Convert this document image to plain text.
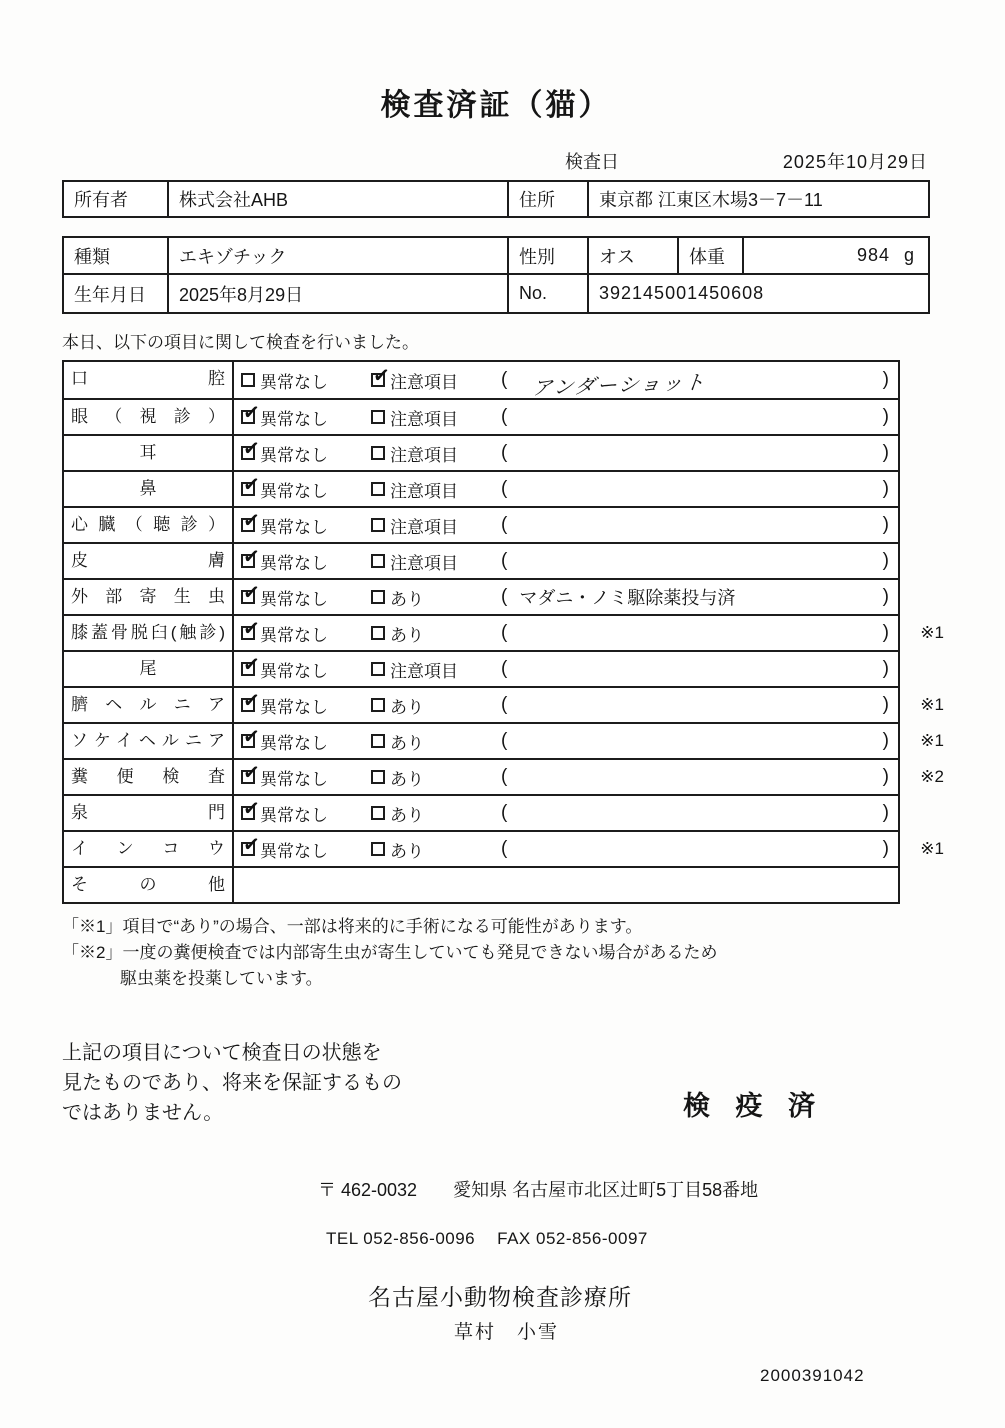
検査済証（猫）
検査日	2025年10月29日
所有者	株式会社AHB	住所	東京都 江東区木場3－7－11
種類	エキゾチック	性別	オス	体重	984 g
生年月日	2025年8月29日	No.	392145001450608

本日、以下の項目に関して検査を行いました。

口腔	異常なし ✓ 注意項目 (	アンダーショット	)
眼（視診） ✓ 異常なし	注意項目 (	)
耳	✓ 異常なし	注意項目 (	)
鼻	✓ 異常なし	注意項目 (	)
心臓（聴診） ✓ 異常なし	注意項目 (	)
皮膚 ✓ 異常なし	注意項目 (	)
外部寄生虫 ✓ 異常なし	あり	( マダニ・ノミ駆除薬投与済	)
膝蓋骨脱臼(触診) ✓ 異常なし	あり	(	) ※1
尾	✓ 異常なし	注意項目 (	)
臍ヘルニア ✓ 異常なし	あり	(	) ※1
ソケイヘルニア ✓ 異常なし	あり	(	) ※1
糞便検査 ✓ 異常なし	あり	(	) ※2
泉門 ✓ 異常なし	あり	(	)
インコウ ✓ 異常なし	あり	(	) ※1
その他
「※1」項目で“あり”の場合、一部は将来的に手術になる可能性があります。
「※2」一度の糞便検査では内部寄生虫が寄生していても発見できない場合があるため
駆虫薬を投薬しています。
上記の項目について検査日の状態を
見たものであり、将来を保証するもの
ではありません。	検 疫 済
〒 462-0032 愛知県 名古屋市北区辻町5丁目58番地
TEL 052-856-0096 FAX 052-856-0097
名古屋小動物検査診療所
草村　小雪
2000391042
